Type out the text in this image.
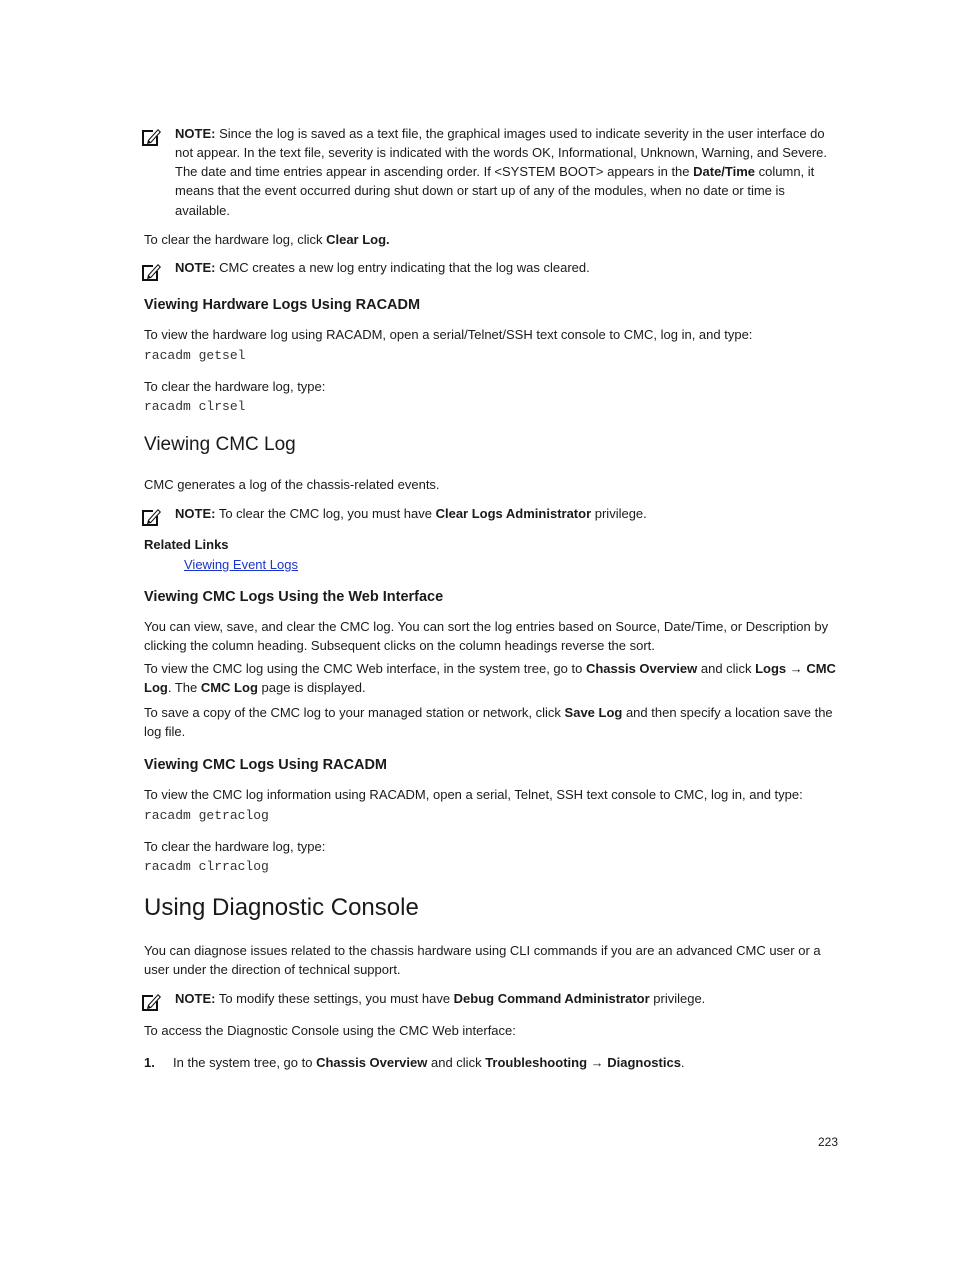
NOTE: Since the log is saved as a text file, the graphical images used to indicate severity in the user interface do

not appear. In the text file, severity is indicated with the words OK, Informational, Unknown, Warning, and Severe.

The date and time entries appear in ascending order. If <SYSTEM BOOT> appears in the Date/Time column, it

means that the event occurred during shut down or start up of any of the modules, when no date or time is

available.

To clear the hardware log, click Clear Log.

NOTE: CMC creates a new log entry indicating that the log was cleared.

Viewing Hardware Logs Using RACADM

To view the hardware log using RACADM, open a serial/Telnet/SSH text console to CMC, log in, and type:

racadm getsel

To clear the hardware log, type:

racadm clrsel

Viewing CMC Log

CMC generates a log of the chassis-related events.

NOTE: To clear the CMC log, you must have Clear Logs Administrator privilege.

Related Links

Viewing Event Logs

Viewing CMC Logs Using the Web Interface

You can view, save, and clear the CMC log. You can sort the log entries based on Source, Date/Time, or Description by

clicking the column heading. Subsequent clicks on the column headings reverse the sort.

To view the CMC log using the CMC Web interface, in the system tree, go to Chassis Overview and click Logs → CMC

Log. The CMC Log page is displayed.

To save a copy of the CMC log to your managed station or network, click Save Log and then specify a location save the

log file.

Viewing CMC Logs Using RACADM

To view the CMC log information using RACADM, open a serial, Telnet, SSH text console to CMC, log in, and type:

racadm getraclog

To clear the hardware log, type:

racadm clrraclog

Using Diagnostic Console

You can diagnose issues related to the chassis hardware using CLI commands if you are an advanced CMC user or a

user under the direction of technical support.

NOTE: To modify these settings, you must have Debug Command Administrator privilege.

To access the Diagnostic Console using the CMC Web interface:

1. In the system tree, go to Chassis Overview and click Troubleshooting → Diagnostics.

223
